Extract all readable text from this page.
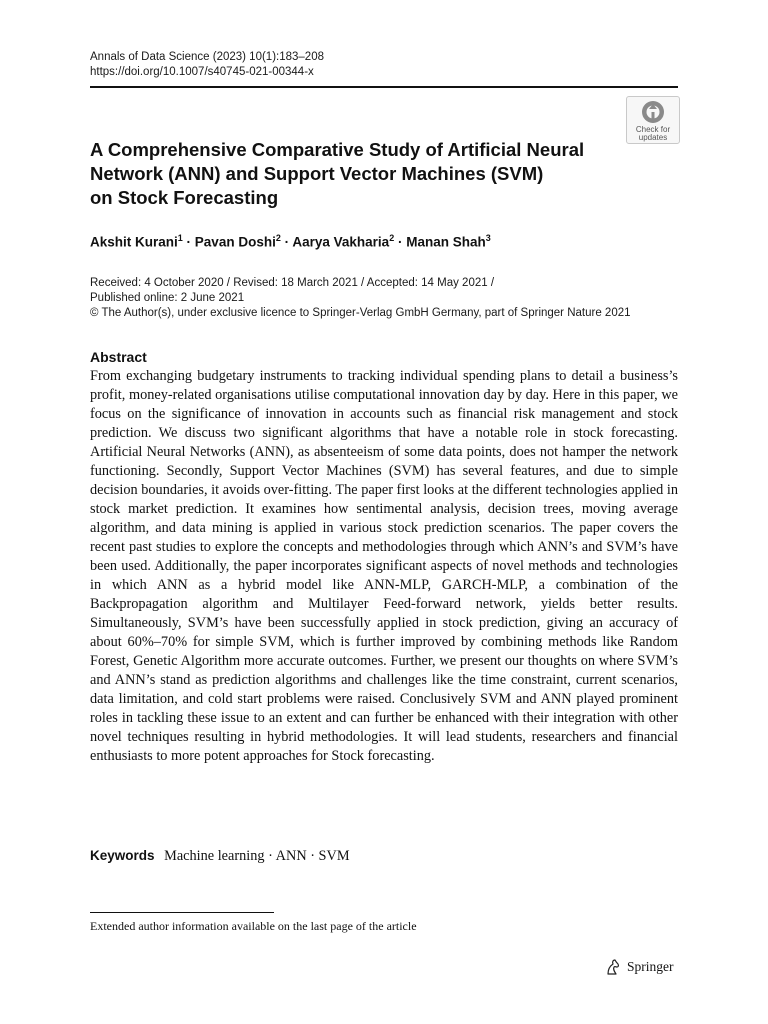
Annals of Data Science (2023) 10(1):183–208
https://doi.org/10.1007/s40745-021-00344-x
Check for
updates
A Comprehensive Comparative Study of Artificial Neural
Network (ANN) and Support Vector Machines (SVM)
on Stock Forecasting
Akshit Kurani$^1$ · Pavan Doshi$^2$ · Aarya Vakharia$^2$ · Manan Shah$^3$
Received: 4 October 2020 / Revised: 18 March 2021 / Accepted: 14 May 2021 /
Published online: 2 June 2021
© The Author(s), under exclusive licence to Springer-Verlag GmbH Germany, part of Springer Nature 2021
Abstract
From exchanging budgetary instruments to tracking individual spending plans to detail a business’s profit, money-related organisations utilise computational innovation day by day. Here in this paper, we focus on the significance of innovation in accounts such as financial risk management and stock prediction. We discuss two significant algorithms that have a notable role in stock forecasting. Artificial Neural Networks (ANN), as absenteeism of some data points, does not hamper the network functioning. Secondly, Support Vector Machines (SVM) has several features, and due to simple decision boundaries, it avoids over-fitting. The paper first looks at the different technologies applied in stock market prediction. It examines how sentimental analysis, decision trees, moving average algorithm, and data mining is applied in various stock prediction scenarios. The paper covers the recent past studies to explore the concepts and methodologies through which ANN’s and SVM’s have been used. Additionally, the paper incorporates significant aspects of novel methods and technologies in which ANN as a hybrid model like ANN-MLP, GARCH-MLP, a combination of the Backpropagation algorithm and Multilayer Feed-forward network, yields better results. Simultaneously, SVM’s have been successfully applied in stock prediction, giving an accuracy of about 60%–70% for simple SVM, which is further improved by combining methods like Random Forest, Genetic Algorithm more accurate outcomes. Further, we present our thoughts on where SVM’s and ANN’s stand as prediction algorithms and challenges like the time constraint, current scenarios, data limitation, and cold start problems were raised. Conclusively SVM and ANN played prominent roles in tackling these issue to an extent and can further be enhanced with their integration with other novel techniques resulting in hybrid methodologies. It will lead students, researchers and financial enthusiasts to more potent approaches for Stock forecasting.
Keywords Machine learning · ANN · SVM
Extended author information available on the last page of the article
Springer
